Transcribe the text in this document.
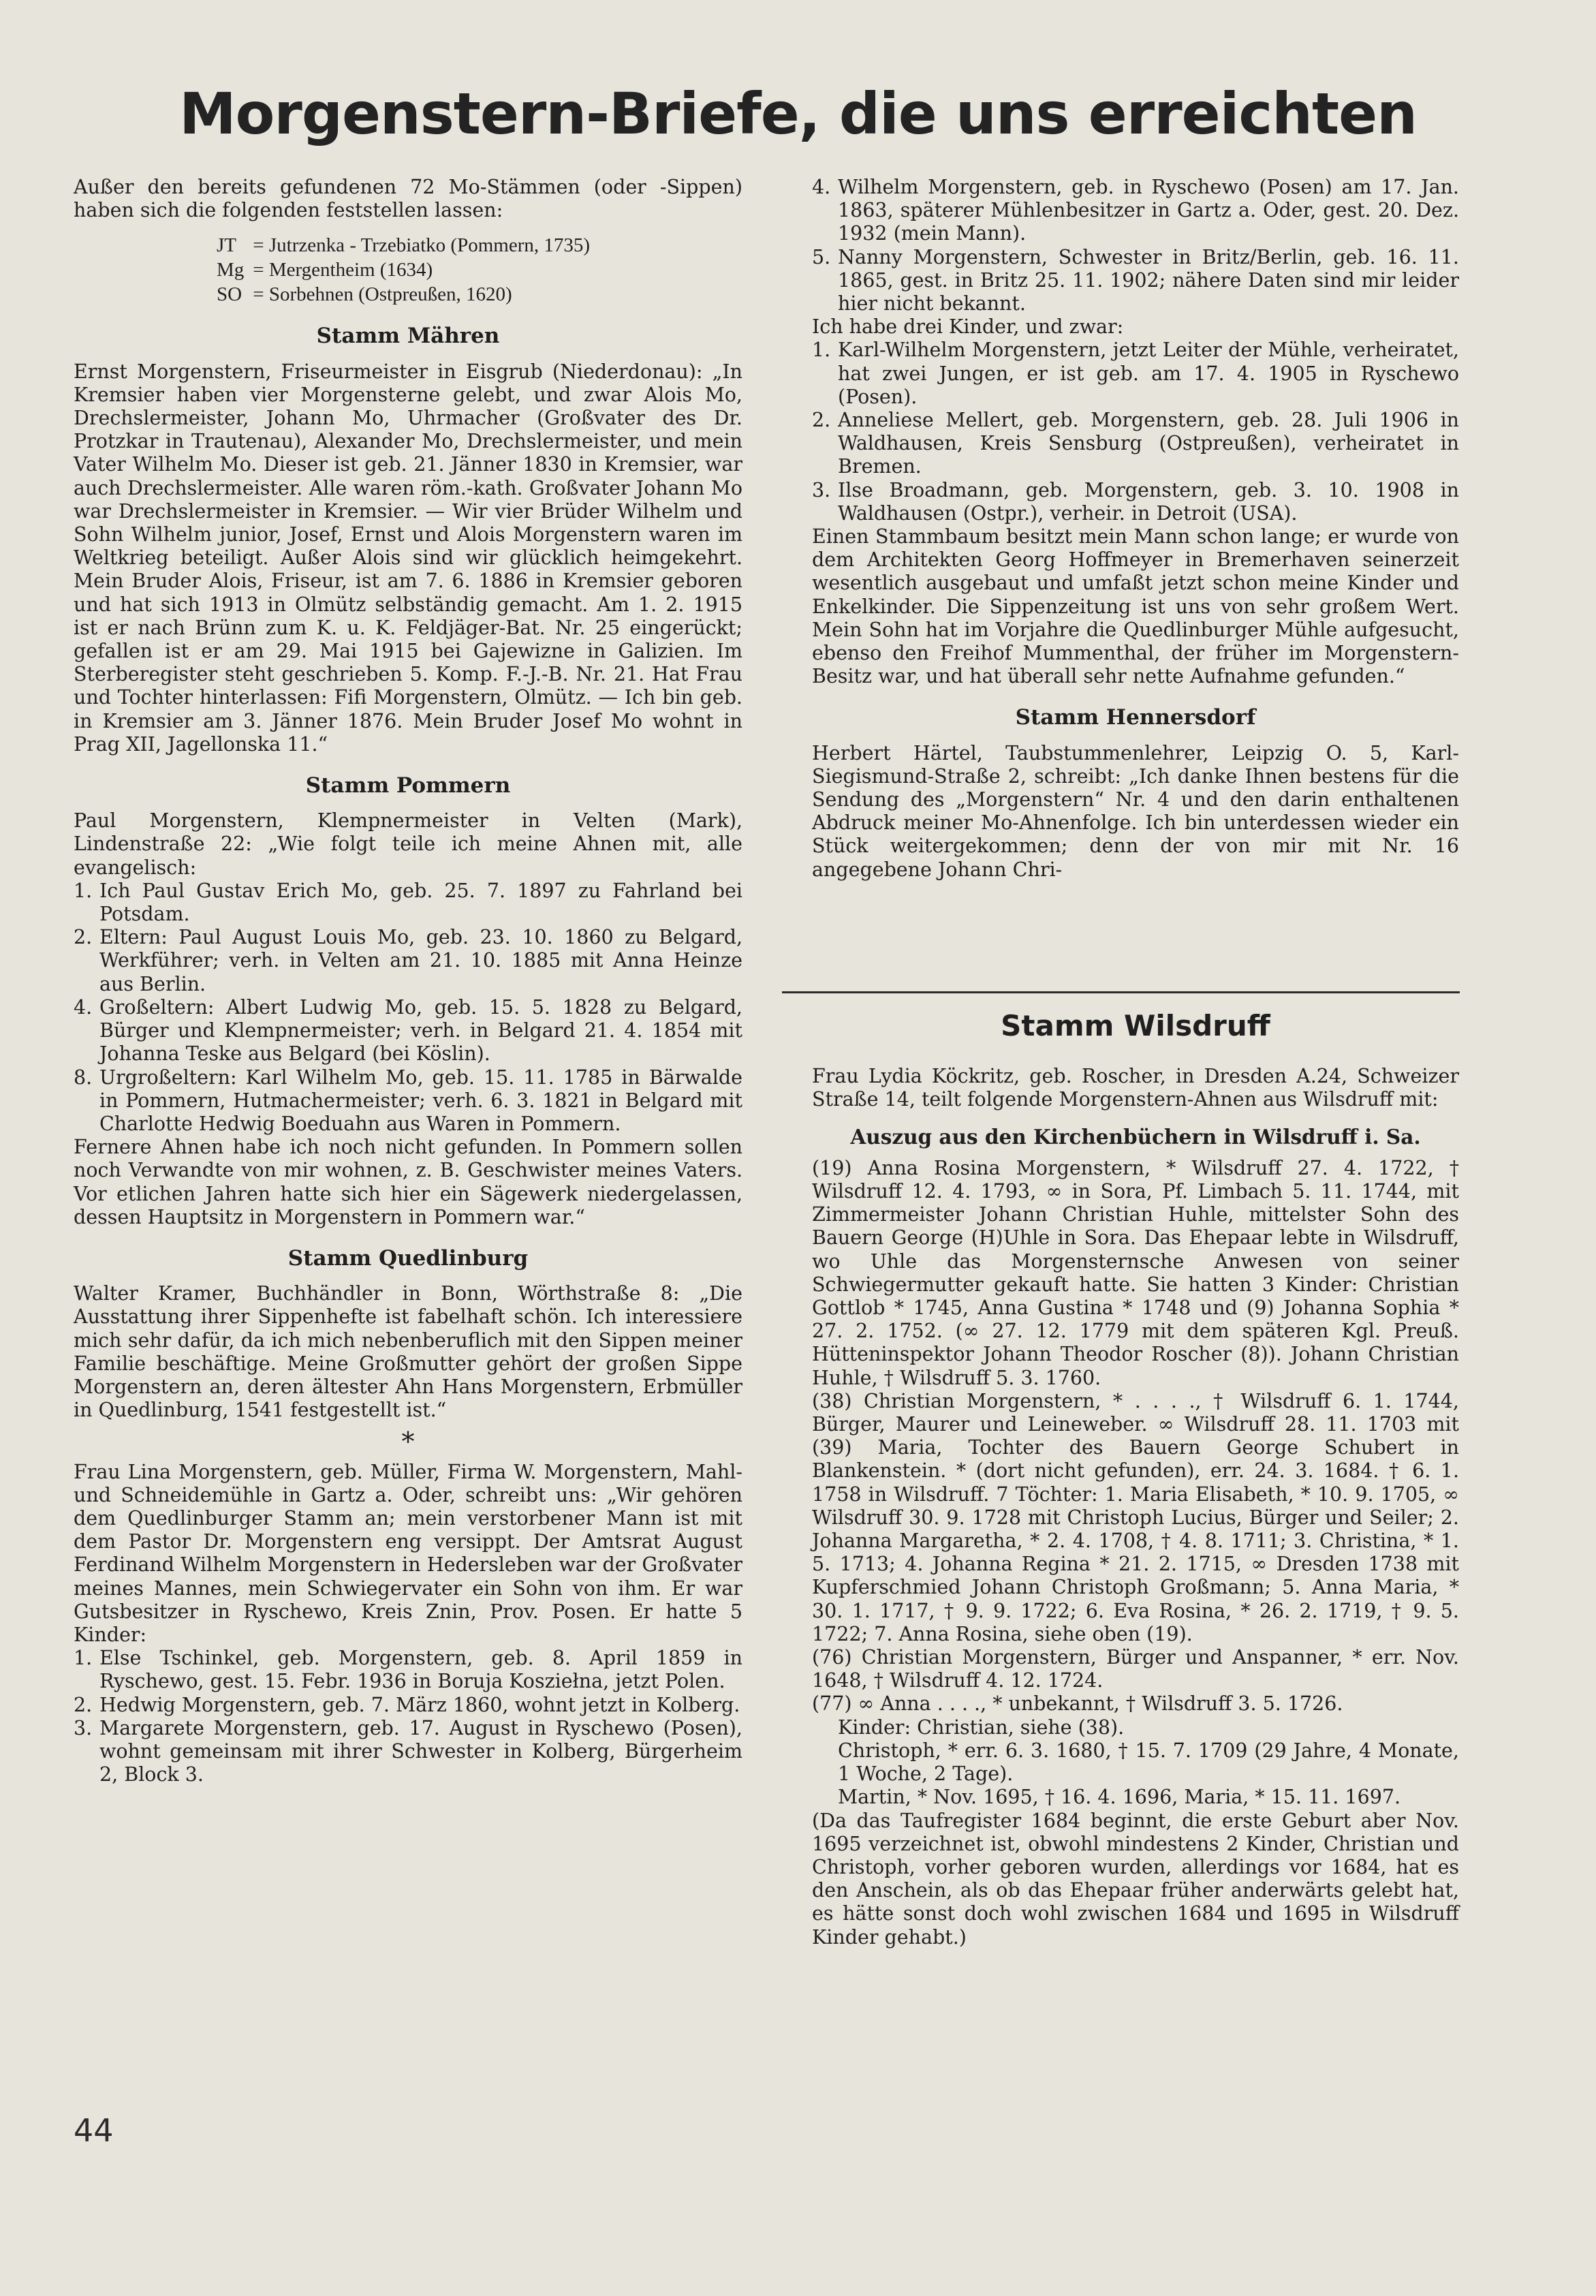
Morgenstern-Briefe, die uns erreichten

Außer den bereits gefundenen 72 Mo-Stämmen (oder -Sippen) haben sich die folgenden feststellen lassen:

JT = Jutrzenka - Trzebiatko (Pommern, 1735)
Mg = Mergentheim (1634)
SO = Sorbehnen (Ostpreußen, 1620)
Stamm Mähren

Ernst Morgenstern, Friseurmeister in Eisgrub (Niederdonau): „In Kremsier haben vier Morgensterne gelebt, und zwar Alois Mo, Drechslermeister, Johann Mo, Uhrmacher (Großvater des Dr. Protzkar in Trautenau), Alexander Mo, Drechslermeister, und mein Vater Wilhelm Mo. Dieser ist geb. 21. Jänner 1830 in Kremsier, war auch Drechslermeister. Alle waren röm.-kath. Großvater Johann Mo war Drechslermeister in Kremsier. — Wir vier Brüder Wilhelm und Sohn Wilhelm junior, Josef, Ernst und Alois Morgenstern waren im Weltkrieg beteiligt. Außer Alois sind wir glücklich heimgekehrt. Mein Bruder Alois, Friseur, ist am 7. 6. 1886 in Kremsier geboren und hat sich 1913 in Olmütz selbständig gemacht. Am 1. 2. 1915 ist er nach Brünn zum K. u. K. Feldjäger-Bat. Nr. 25 eingerückt; gefallen ist er am 29. Mai 1915 bei Gajewizne in Galizien. Im Sterberegister steht geschrieben 5. Komp. F.-J.-B. Nr. 21. Hat Frau und Tochter hinterlassen: Fifi Morgenstern, Olmütz. — Ich bin geb. in Kremsier am 3. Jänner 1876. Mein Bruder Josef Mo wohnt in Prag XII, Jagellonska 11.“

Stamm Pommern

Paul Morgenstern, Klempnermeister in Velten (Mark), Lindenstraße 22: „Wie folgt teile ich meine Ahnen mit, alle evangelisch:

1. Ich Paul Gustav Erich Mo, geb. 25. 7. 1897 zu Fahrland bei Potsdam.
2. Eltern: Paul August Louis Mo, geb. 23. 10. 1860 zu Belgard, Werkführer; verh. in Velten am 21. 10. 1885 mit Anna Heinze aus Berlin.
4. Großeltern: Albert Ludwig Mo, geb. 15. 5. 1828 zu Belgard, Bürger und Klempnermeister; verh. in Belgard 21. 4. 1854 mit Johanna Teske aus Belgard (bei Köslin).
8. Urgroßeltern: Karl Wilhelm Mo, geb. 15. 11. 1785 in Bärwalde in Pommern, Hutmachermeister; verh. 6. 3. 1821 in Belgard mit Charlotte Hedwig Boeduahn aus Waren in Pommern.

Fernere Ahnen habe ich noch nicht gefunden. In Pommern sollen noch Verwandte von mir wohnen, z. B. Geschwister meines Vaters. Vor etlichen Jahren hatte sich hier ein Sägewerk niedergelassen, dessen Hauptsitz in Morgenstern in Pommern war.“

Stamm Quedlinburg

Walter Kramer, Buchhändler in Bonn, Wörthstraße 8: „Die Ausstattung ihrer Sippenhefte ist fabelhaft schön. Ich interessiere mich sehr dafür, da ich mich nebenberuflich mit den Sippen meiner Familie beschäftige. Meine Großmutter gehört der großen Sippe Morgenstern an, deren ältester Ahn Hans Morgenstern, Erbmüller in Quedlinburg, 1541 festgestellt ist.“

*

Frau Lina Morgenstern, geb. Müller, Firma W. Morgenstern, Mahl- und Schneidemühle in Gartz a. Oder, schreibt uns: „Wir gehören dem Quedlinburger Stamm an; mein verstorbener Mann ist mit dem Pastor Dr. Morgenstern eng versippt. Der Amtsrat August Ferdinand Wilhelm Morgenstern in Hedersleben war der Großvater meines Mannes, mein Schwiegervater ein Sohn von ihm. Er war Gutsbesitzer in Ryschewo, Kreis Znin, Prov. Posen. Er hatte 5 Kinder:

1. Else Tschinkel, geb. Morgenstern, geb. 8. April 1859 in Ryschewo, gest. 15. Febr. 1936 in Boruja Kosziełna, jetzt Polen.
2. Hedwig Morgenstern, geb. 7. März 1860, wohnt jetzt in Kolberg.
3. Margarete Morgenstern, geb. 17. August in Ryschewo (Posen), wohnt gemeinsam mit ihrer Schwester in Kolberg, Bürgerheim 2, Block 3.
4. Wilhelm Morgenstern, geb. in Ryschewo (Posen) am 17. Jan. 1863, späterer Mühlenbesitzer in Gartz a. Oder, gest. 20. Dez. 1932 (mein Mann).
5. Nanny Morgenstern, Schwester in Britz/Berlin, geb. 16. 11. 1865, gest. in Britz 25. 11. 1902; nähere Daten sind mir leider hier nicht bekannt.

Ich habe drei Kinder, und zwar:

1. Karl-Wilhelm Morgenstern, jetzt Leiter der Mühle, verheiratet, hat zwei Jungen, er ist geb. am 17. 4. 1905 in Ryschewo (Posen).
2. Anneliese Mellert, geb. Morgenstern, geb. 28. Juli 1906 in Waldhausen, Kreis Sensburg (Ostpreußen), verheiratet in Bremen.
3. Ilse Broadmann, geb. Morgenstern, geb. 3. 10. 1908 in Waldhausen (Ostpr.), verheir. in Detroit (USA).

Einen Stammbaum besitzt mein Mann schon lange; er wurde von dem Architekten Georg Hoffmeyer in Bremerhaven seinerzeit wesentlich ausgebaut und umfaßt jetzt schon meine Kinder und Enkelkinder. Die Sippenzeitung ist uns von sehr großem Wert. Mein Sohn hat im Vorjahre die Quedlinburger Mühle aufgesucht, ebenso den Freihof Mummenthal, der früher im Morgenstern-Besitz war, und hat überall sehr nette Aufnahme gefunden.“

Stamm Hennersdorf

Herbert Härtel, Taubstummenlehrer, Leipzig O. 5, Karl-Siegismund-Straße 2, schreibt: „Ich danke Ihnen bestens für die Sendung des „Morgenstern“ Nr. 4 und den darin enthaltenen Abdruck meiner Mo-Ahnenfolge. Ich bin unterdessen wieder ein Stück weitergekommen; denn der von mir mit Nr. 16 angegebene Johann Chri-

Stamm Wilsdruff

Frau Lydia Köckritz, geb. Roscher, in Dresden A.24, Schweizer Straße 14, teilt folgende Morgenstern-Ahnen aus Wilsdruff mit:

Auszug aus den Kirchenbüchern in Wilsdruff i. Sa.

(19) Anna Rosina Morgenstern, * Wilsdruff 27. 4. 1722, † Wilsdruff 12. 4. 1793, ∞ in Sora, Pf. Limbach 5. 11. 1744, mit Zimmermeister Johann Christian Huhle, mittelster Sohn des Bauern George (H)Uhle in Sora. Das Ehepaar lebte in Wilsdruff, wo Uhle das Morgensternsche Anwesen von seiner Schwiegermutter gekauft hatte. Sie hatten 3 Kinder: Christian Gottlob * 1745, Anna Gustina * 1748 und (9) Johanna Sophia * 27. 2. 1752. (∞ 27. 12. 1779 mit dem späteren Kgl. Preuß. Hütteninspektor Johann Theodor Roscher (8)). Johann Christian Huhle, † Wilsdruff 5. 3. 1760.

(38) Christian Morgenstern, * . . . ., † Wilsdruff 6. 1. 1744, Bürger, Maurer und Leineweber. ∞ Wilsdruff 28. 11. 1703 mit (39) Maria, Tochter des Bauern George Schubert in Blankenstein. * (dort nicht gefunden), err. 24. 3. 1684. † 6. 1. 1758 in Wilsdruff. 7 Töchter: 1. Maria Elisabeth, * 10. 9. 1705, ∞ Wilsdruff 30. 9. 1728 mit Christoph Lucius, Bürger und Seiler; 2. Johanna Margaretha, * 2. 4. 1708, † 4. 8. 1711; 3. Christina, * 1. 5. 1713; 4. Johanna Regina * 21. 2. 1715, ∞ Dresden 1738 mit Kupferschmied Johann Christoph Großmann; 5. Anna Maria, * 30. 1. 1717, † 9. 9. 1722; 6. Eva Rosina, * 26. 2. 1719, † 9. 5. 1722; 7. Anna Rosina, siehe oben (19).

(76) Christian Morgenstern, Bürger und Anspanner, * err. Nov. 1648, † Wilsdruff 4. 12. 1724.

(77) ∞ Anna . . . ., * unbekannt, † Wilsdruff 3. 5. 1726.

Kinder: Christian, siehe (38).

Christoph, * err. 6. 3. 1680, † 15. 7. 1709 (29 Jahre, 4 Monate, 1 Woche, 2 Tage).

Martin, * Nov. 1695, † 16. 4. 1696, Maria, * 15. 11. 1697.

(Da das Taufregister 1684 beginnt, die erste Geburt aber Nov. 1695 verzeichnet ist, obwohl mindestens 2 Kinder, Christian und Christoph, vorher geboren wurden, allerdings vor 1684, hat es den Anschein, als ob das Ehepaar früher anderwärts gelebt hat, es hätte sonst doch wohl zwischen 1684 und 1695 in Wilsdruff Kinder gehabt.)

44
